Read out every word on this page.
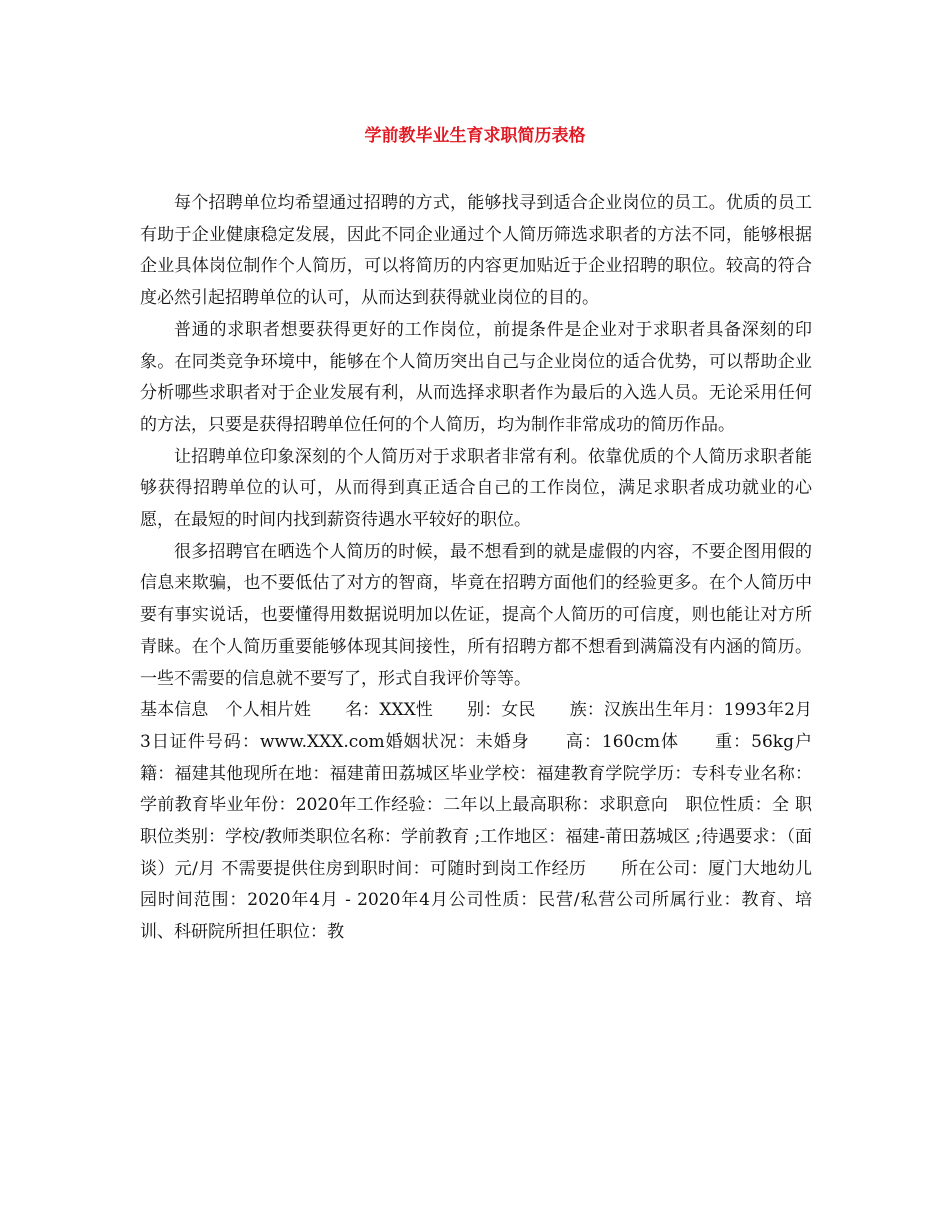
学前教毕业生育求职简历表格

每个招聘单位均希望通过招聘的方式，能够找寻到适合企业岗位的员工。优质的员工有助于企业健康稳定发展，因此不同企业通过个人简历筛选求职者的方法不同，能够根据企业具体岗位制作个人简历，可以将简历的内容更加贴近于企业招聘的职位。较高的符合度必然引起招聘单位的认可，从而达到获得就业岗位的目的。

普通的求职者想要获得更好的工作岗位，前提条件是企业对于求职者具备深刻的印象。在同类竞争环境中，能够在个人简历突出自己与企业岗位的适合优势，可以帮助企业分析哪些求职者对于企业发展有利，从而选择求职者作为最后的入选人员。无论采用任何的方法，只要是获得招聘单位任何的个人简历，均为制作非常成功的简历作品。

让招聘单位印象深刻的个人简历对于求职者非常有利。依靠优质的个人简历求职者能够获得招聘单位的认可，从而得到真正适合自己的工作岗位，满足求职者成功就业的心愿，在最短的时间内找到薪资待遇水平较好的职位。

很多招聘官在晒选个人简历的时候，最不想看到的就是虚假的内容，不要企图用假的信息来欺骗，也不要低估了对方的智商，毕竟在招聘方面他们的经验更多。在个人简历中要有事实说话，也要懂得用数据说明加以佐证，提高个人简历的可信度，则也能让对方所青睐。在个人简历重要能够体现其间接性，所有招聘方都不想看到满篇没有内涵的简历。一些不需要的信息就不要写了，形式自我评价等等。

基本信息　个人相片姓　　名：XXX性　　别：女民　　族：汉族出生年月：1993年2月3日证件号码：www.XXX.com婚姻状况：未婚身　　高：160cm体　　重：56kg户　　籍：福建其他现所在地：福建莆田荔城区毕业学校：福建教育学院学历：专科专业名称：学前教育毕业年份：2020年工作经验：二年以上最高职称：求职意向　职位性质：全 职职位类别：学校/教师类职位名称：学前教育 ;工作地区：福建-莆田荔城区 ;待遇要求：（面谈）元/月 不需要提供住房到职时间：可随时到岗工作经历　　所在公司：厦门大地幼儿园时间范围：2020年4月 - 2020年4月公司性质：民营/私营公司所属行业：教育、培训、科研院所担任职位：教
